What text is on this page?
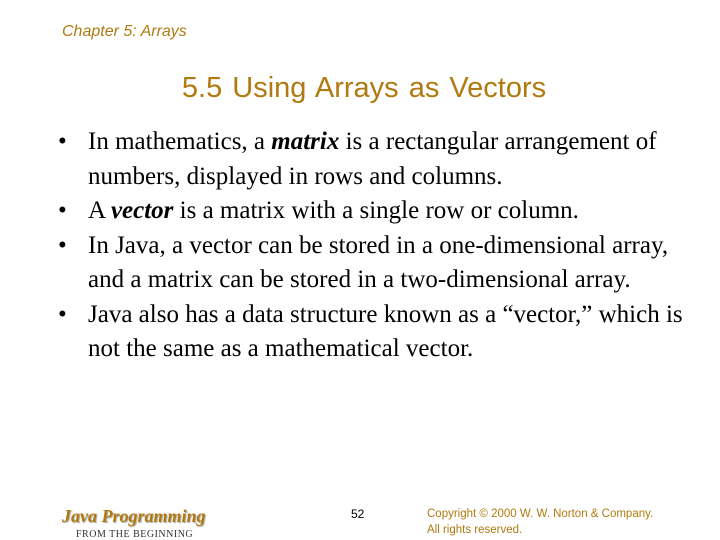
Chapter 5: Arrays
5.5 Using Arrays as Vectors
• In mathematics, a matrix is a rectangular arrangement of numbers, displayed in rows and columns.
• A vector is a matrix with a single row or column.
• In Java, a vector can be stored in a one-dimensional array, and a matrix can be stored in a two-dimensional array.
• Java also has a data structure known as a “vector,” which is not the same as a mathematical vector.
Java Programming
FROM THE BEGINNING
52	Copyright © 2000 W. W. Norton & Company.
All rights reserved.
